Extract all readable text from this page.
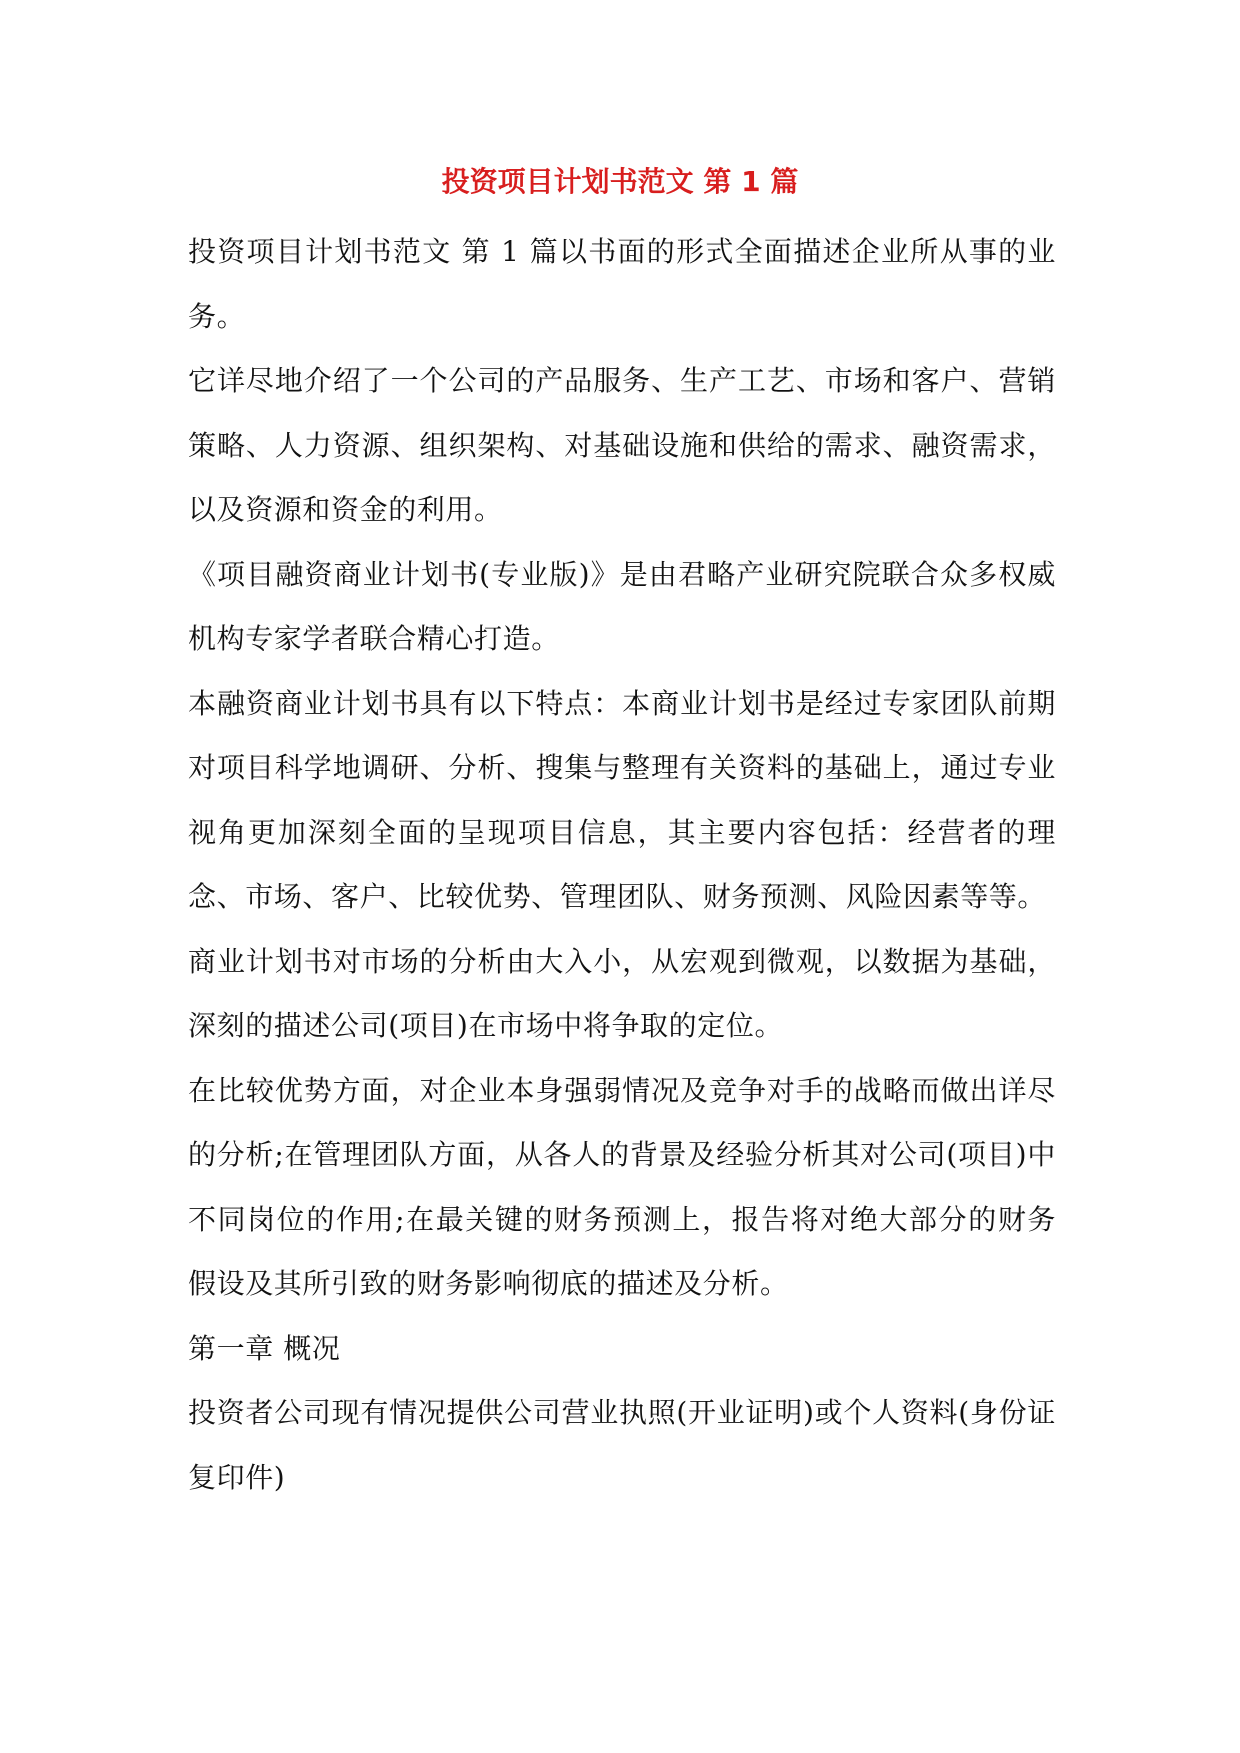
投资项目计划书范文 第 1 篇

投资项目计划书范文 第 1 篇以书面的形式全面描述企业所从事的业务。

它详尽地介绍了一个公司的产品服务、生产工艺、市场和客户、营销策略、人力资源、组织架构、对基础设施和供给的需求、融资需求，以及资源和资金的利用。

《项目融资商业计划书(专业版)》是由君略产业研究院联合众多权威机构专家学者联合精心打造。

本融资商业计划书具有以下特点：本商业计划书是经过专家团队前期对项目科学地调研、分析、搜集与整理有关资料的基础上，通过专业视角更加深刻全面的呈现项目信息，其主要内容包括：经营者的理念、市场、客户、比较优势、管理团队、财务预测、风险因素等等。

商业计划书对市场的分析由大入小，从宏观到微观，以数据为基础，深刻的描述公司(项目)在市场中将争取的定位。

在比较优势方面，对企业本身强弱情况及竞争对手的战略而做出详尽的分析;在管理团队方面，从各人的背景及经验分析其对公司(项目)中不同岗位的作用;在最关键的财务预测上，报告将对绝大部分的财务假设及其所引致的财务影响彻底的描述及分析。

第一章 概况

投资者公司现有情况提供公司营业执照(开业证明)或个人资料(身份证复印件)
